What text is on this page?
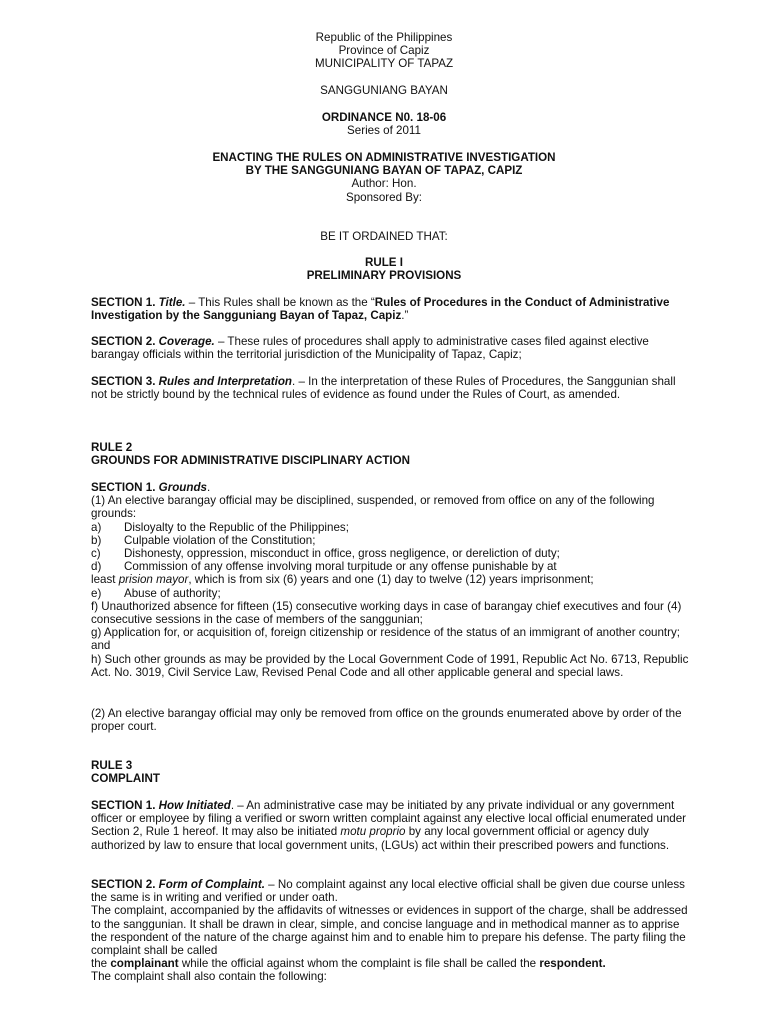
Republic of the Philippines
Province of Capiz
MUNICIPALITY OF TAPAZ
SANGGUNIANG BAYAN
ORDINANCE N0. 18-06
Series of 2011
ENACTING THE RULES ON ADMINISTRATIVE INVESTIGATION
BY THE SANGGUNIANG BAYAN OF TAPAZ, CAPIZ
Author: Hon.
Sponsored By:
BE IT ORDAINED THAT:
RULE I
PRELIMINARY PROVISIONS

SECTION 1. Title. – This Rules shall be known as the “Rules of Procedures in the Conduct of Administrative Investigation by the Sangguniang Bayan of Tapaz, Capiz.”

SECTION 2. Coverage. – These rules of procedures shall apply to administrative cases filed against elective barangay officials within the territorial jurisdiction of the Municipality of Tapaz, Capiz;

SECTION 3. Rules and Interpretation. – In the interpretation of these Rules of Procedures, the Sanggunian shall not be strictly bound by the technical rules of evidence as found under the Rules of Court, as amended.

RULE 2

GROUNDS FOR ADMINISTRATIVE DISCIPLINARY ACTION

SECTION 1. Grounds.

(1) An elective barangay official may be disciplined, suspended, or removed from office on any of the following grounds:

a)	Disloyalty to the Republic of the Philippines;
b)	Culpable violation of the Constitution;
c)	Dishonesty, oppression, misconduct in office, gross negligence, or dereliction of duty;
d)	Commission of any offense involving moral turpitude or any offense punishable by at

least prision mayor, which is from six (6) years and one (1) day to twelve (12) years imprisonment;

e)	Abuse of authority;

f) Unauthorized absence for fifteen (15) consecutive working days in case of barangay chief executives and four (4) consecutive sessions in the case of members of the sanggunian;

g) Application for, or acquisition of, foreign citizenship or residence of the status of an immigrant of another country; and

h) Such other grounds as may be provided by the Local Government Code of 1991, Republic Act No. 6713, Republic Act. No. 3019, Civil Service Law, Revised Penal Code and all other applicable general and special laws.

(2) An elective barangay official may only be removed from office on the grounds enumerated above by order of the proper court.

RULE 3

COMPLAINT

SECTION 1. How Initiated. – An administrative case may be initiated by any private individual or any government officer or employee by filing a verified or sworn written complaint against any elective local official enumerated under Section 2, Rule 1 hereof. It may also be initiated motu proprio by any local government official or agency duly authorized by law to ensure that local government units, (LGUs) act within their prescribed powers and functions.

SECTION 2. Form of Complaint. – No complaint against any local elective official shall be given due course unless the same is in writing and verified or under oath.

The complaint, accompanied by the affidavits of witnesses or evidences in support of the charge, shall be addressed to the sanggunian. It shall be drawn in clear, simple, and concise language and in methodical manner as to apprise the respondent of the nature of the charge against him and to enable him to prepare his defense. The party filing the complaint shall be called

the complainant while the official against whom the complaint is file shall be called the respondent.

The complaint shall also contain the following:
